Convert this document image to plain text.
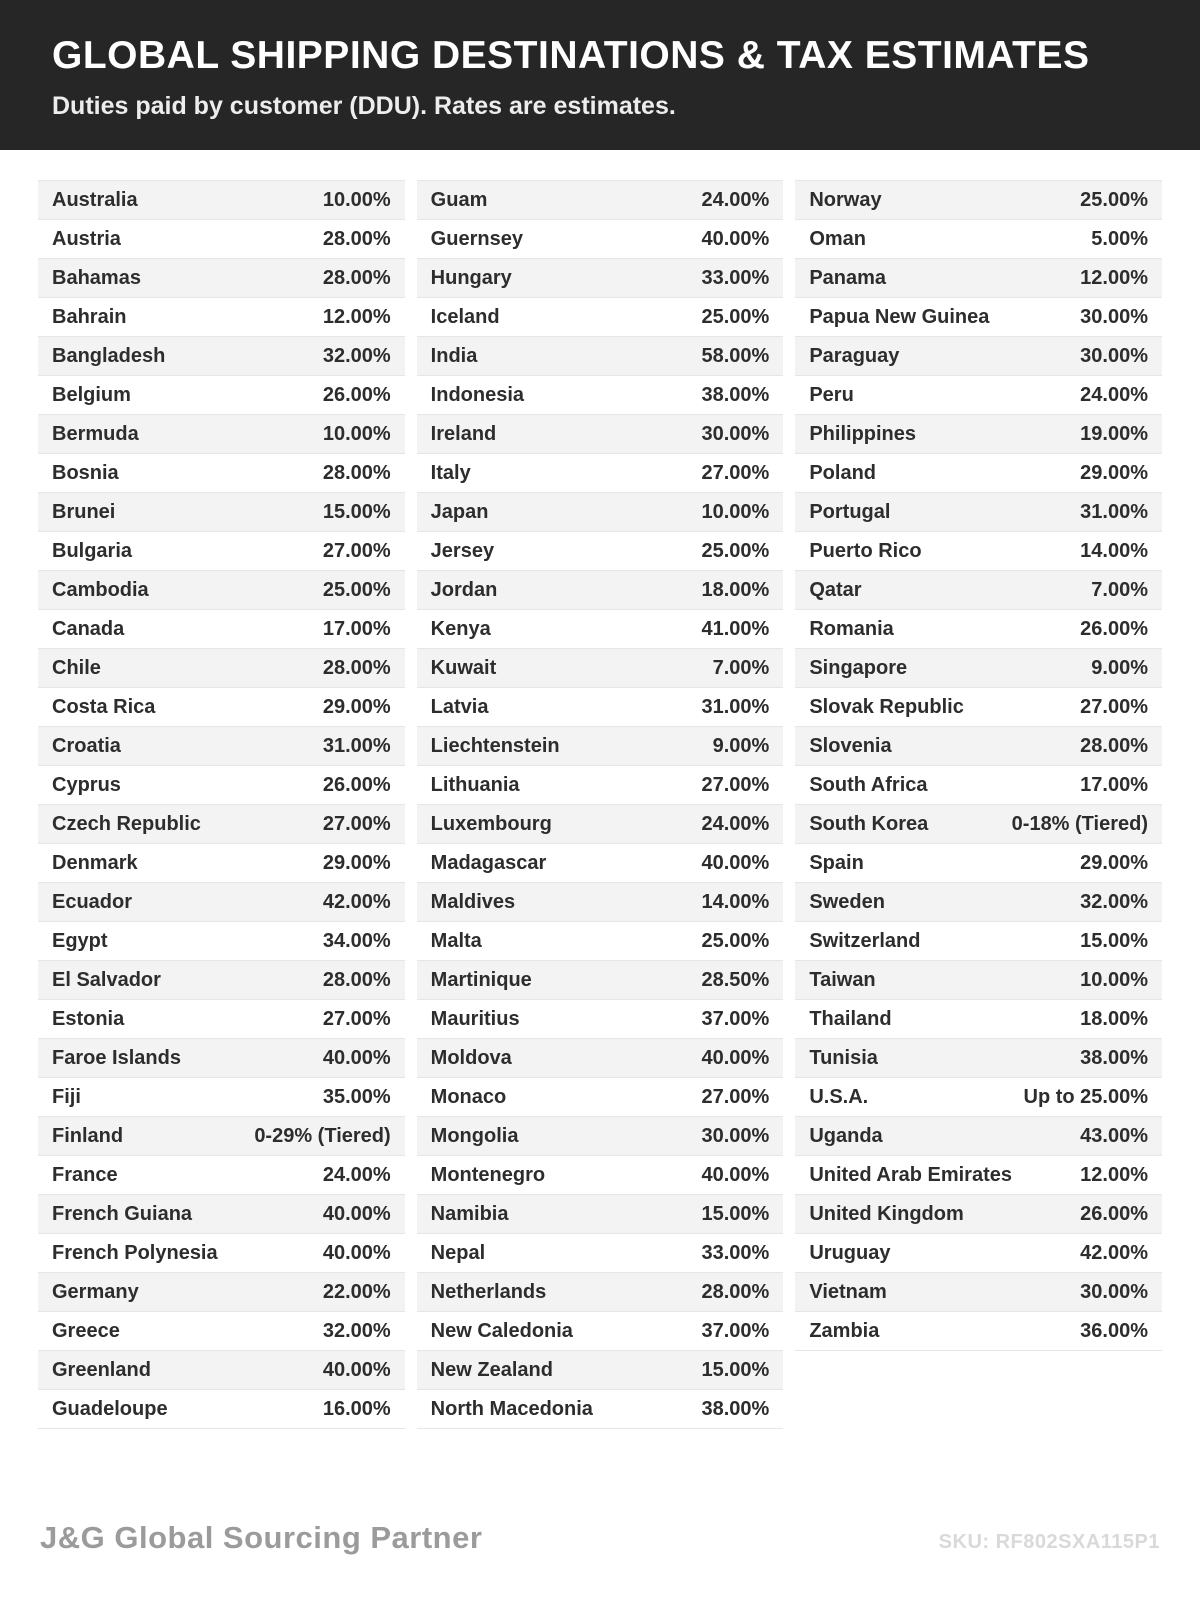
GLOBAL SHIPPING DESTINATIONS & TAX ESTIMATES
Duties paid by customer (DDU). Rates are estimates.
Australia	10.00%
Austria	28.00%
Bahamas	28.00%
Bahrain	12.00%
Bangladesh	32.00%
Belgium	26.00%
Bermuda	10.00%
Bosnia	28.00%
Brunei	15.00%
Bulgaria	27.00%
Cambodia	25.00%
Canada	17.00%
Chile	28.00%
Costa Rica	29.00%
Croatia	31.00%
Cyprus	26.00%
Czech Republic	27.00%
Denmark	29.00%
Ecuador	42.00%
Egypt	34.00%
El Salvador	28.00%
Estonia	27.00%
Faroe Islands	40.00%
Fiji	35.00%
Finland	0-29% (Tiered)
France	24.00%
French Guiana	40.00%
French Polynesia	40.00%
Germany	22.00%
Greece	32.00%
Greenland	40.00%
Guadeloupe	16.00%
Guam	24.00%
Guernsey	40.00%
Hungary	33.00%
Iceland	25.00%
India	58.00%
Indonesia	38.00%
Ireland	30.00%
Italy	27.00%
Japan	10.00%
Jersey	25.00%
Jordan	18.00%
Kenya	41.00%
Kuwait	7.00%
Latvia	31.00%
Liechtenstein	9.00%
Lithuania	27.00%
Luxembourg	24.00%
Madagascar	40.00%
Maldives	14.00%
Malta	25.00%
Martinique	28.50%
Mauritius	37.00%
Moldova	40.00%
Monaco	27.00%
Mongolia	30.00%
Montenegro	40.00%
Namibia	15.00%
Nepal	33.00%
Netherlands	28.00%
New Caledonia	37.00%
New Zealand	15.00%
North Macedonia	38.00%
Norway	25.00%
Oman	5.00%
Panama	12.00%
Papua New Guinea	30.00%
Paraguay	30.00%
Peru	24.00%
Philippines	19.00%
Poland	29.00%
Portugal	31.00%
Puerto Rico	14.00%
Qatar	7.00%
Romania	26.00%
Singapore	9.00%
Slovak Republic	27.00%
Slovenia	28.00%
South Africa	17.00%
South Korea	0-18% (Tiered)
Spain	29.00%
Sweden	32.00%
Switzerland	15.00%
Taiwan	10.00%
Thailand	18.00%
Tunisia	38.00%
U.S.A.	Up to 25.00%
Uganda	43.00%
United Arab Emirates	12.00%
United Kingdom	26.00%
Uruguay	42.00%
Vietnam	30.00%
Zambia	36.00%
J&G Global Sourcing Partner	SKU: RF802SXA115P1
